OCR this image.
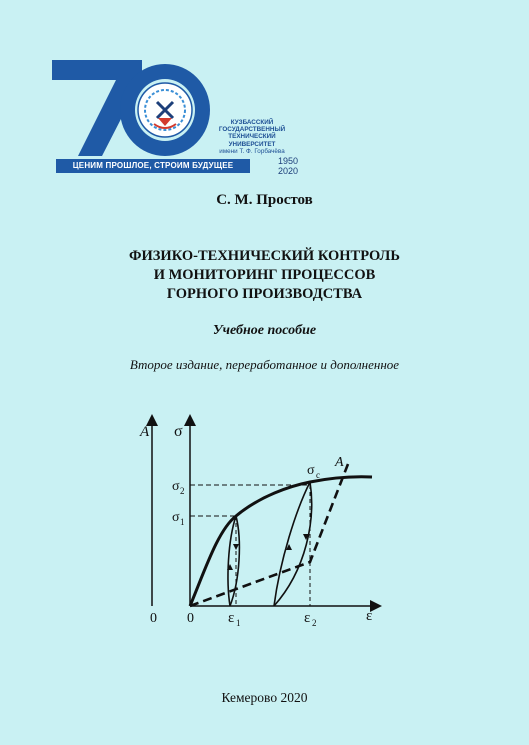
1950
2020
КУЗБАССКИЙ
ГОСУДАРСТВЕННЫЙ
ТЕХНИЧЕСКИЙ
УНИВЕРСИТЕТ
имени Т. Ф. Горбачёва
ЦЕНИМ ПРОШЛОЕ, СТРОИМ БУДУЩЕЕ
С. М. Простов
ФИЗИКО-ТЕХНИЧЕСКИЙ КОНТРОЛЬ
И МОНИТОРИНГ ПРОЦЕССОВ
ГОРНОГО ПРОИЗВОДСТВА
Учебное пособие
Второе издание, переработанное и дополненное
A σ
σ 2
σ 1
σ c
A
0 0 ε 1	ε 2	ε
Кемерово 2020
